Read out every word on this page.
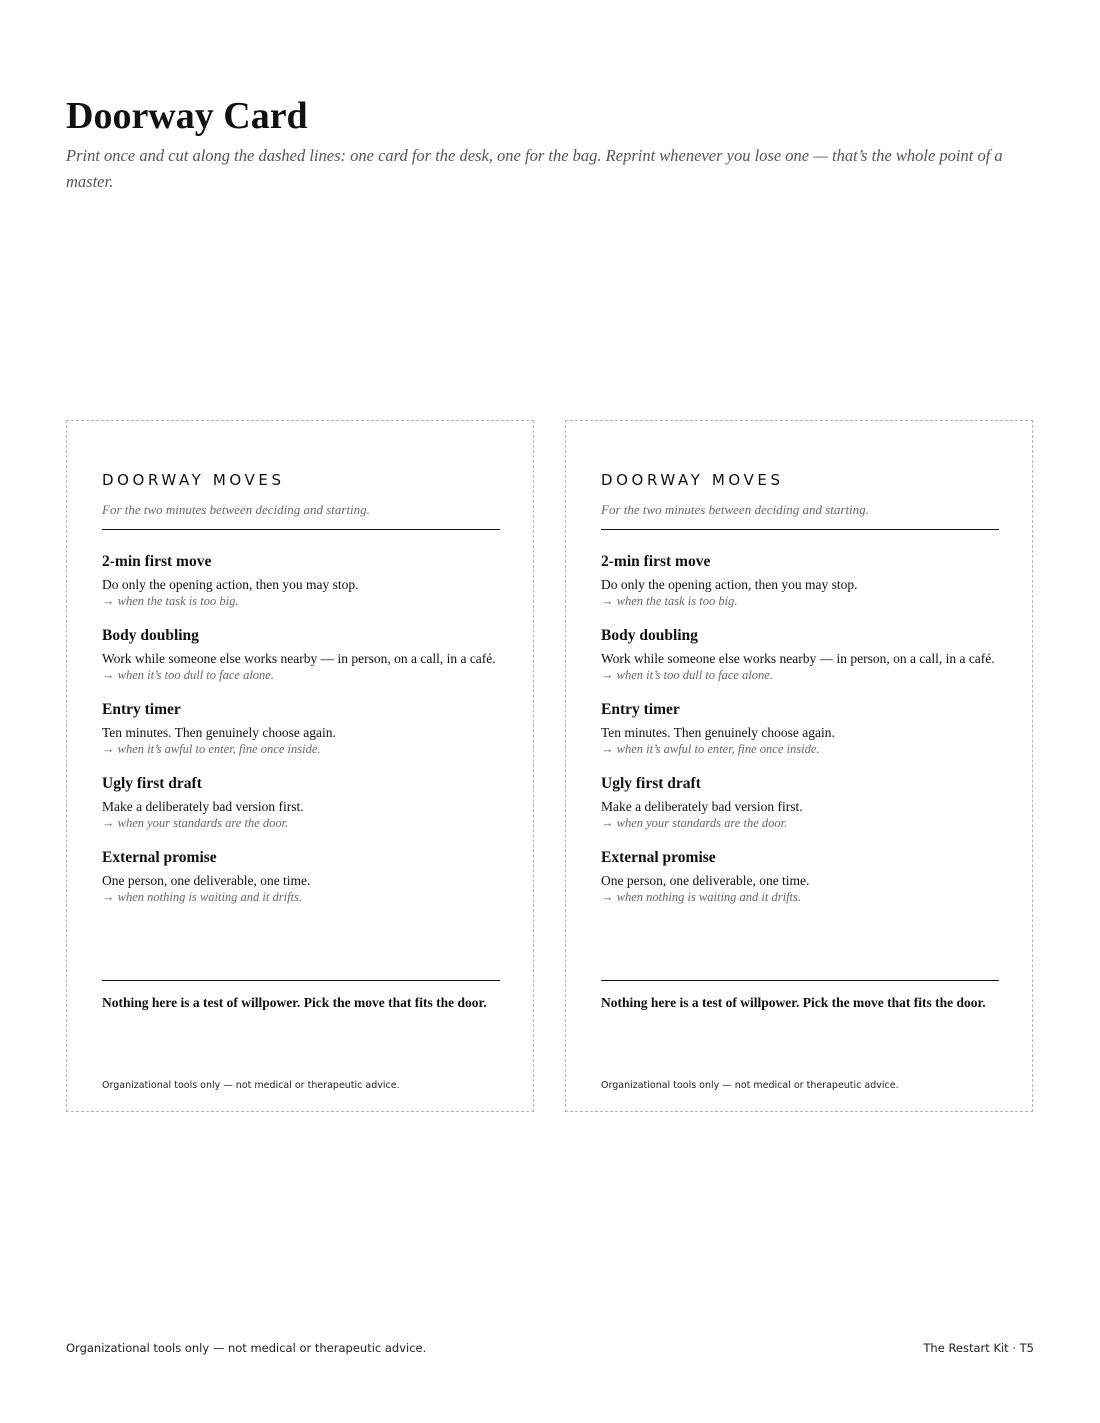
Doorway Card

Print once and cut along the dashed lines: one card for the desk, one for the bag. Reprint whenever you lose one — that’s the whole point of a master.

DOORWAY MOVES

For the two minutes between deciding and starting.

2-min first move

Do only the opening action, then you may stop.

→ when the task is too big.

Body doubling

Work while someone else works nearby — in person, on a call, in a café.

→ when it’s too dull to face alone.

Entry timer

Ten minutes. Then genuinely choose again.

→ when it’s awful to enter, fine once inside.

Ugly first draft

Make a deliberately bad version first.

→ when your standards are the door.

External promise

One person, one deliverable, one time.

→ when nothing is waiting and it drifts.

Nothing here is a test of willpower. Pick the move that fits the door.

Organizational tools only — not medical or therapeutic advice.

DOORWAY MOVES

For the two minutes between deciding and starting.

2-min first move

Do only the opening action, then you may stop.

→ when the task is too big.

Body doubling

Work while someone else works nearby — in person, on a call, in a café.

→ when it’s too dull to face alone.

Entry timer

Ten minutes. Then genuinely choose again.

→ when it’s awful to enter, fine once inside.

Ugly first draft

Make a deliberately bad version first.

→ when your standards are the door.

External promise

One person, one deliverable, one time.

→ when nothing is waiting and it drifts.

Nothing here is a test of willpower. Pick the move that fits the door.

Organizational tools only — not medical or therapeutic advice.

Organizational tools only — not medical or therapeutic advice.	The Restart Kit · T5
